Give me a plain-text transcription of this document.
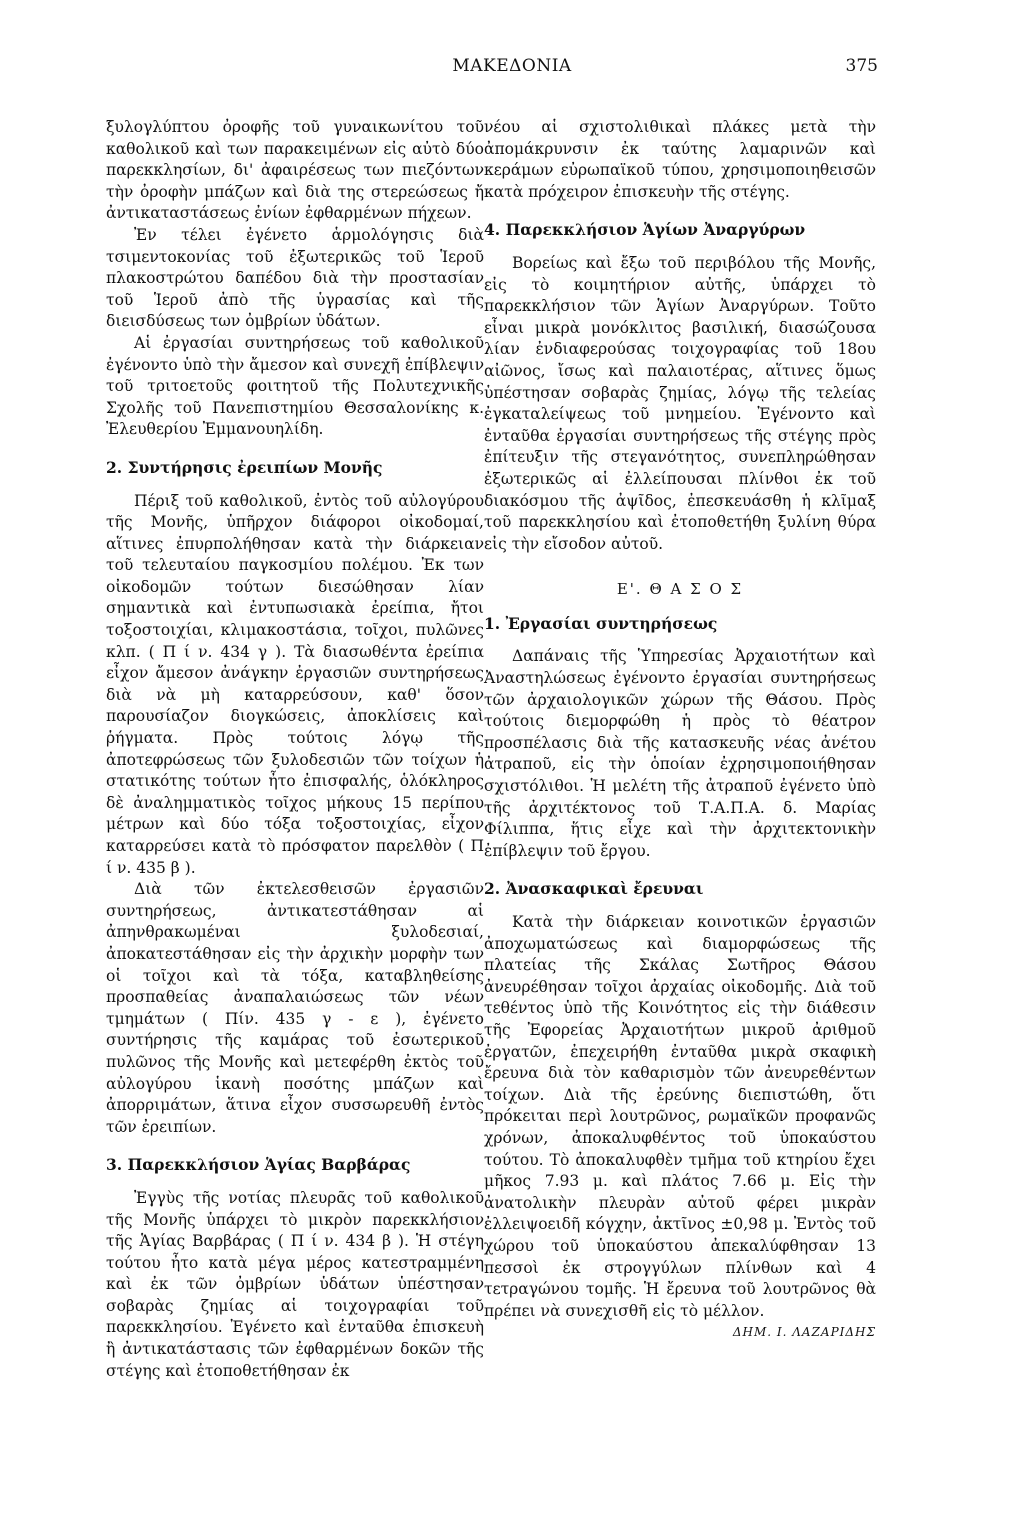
ΜΑΚΕΔΟΝΙΑ	375

ξυλογλύπτου ὀροφῆς τοῦ γυναικωνίτου τοῦ καθολικοῦ καὶ των παρακειμένων εἰς αὐτὸ δύο παρεκκλησίων, δι' ἀφαιρέσεως των πιεζόντων τὴν ὀροφὴν μπάζων καὶ διὰ της στερεώσεως ἤ ἀντικαταστάσεως ἐνίων ἐφθαρμένων πήχεων.

Ἐν τέλει ἐγένετο ἁρμολόγησις διὰ τσιμεντοκονίας τοῦ ἐξωτερικῶς τοῦ Ἱεροῦ πλακοστρώτου δαπέδου διὰ τὴν προστασίαν τοῦ Ἱεροῦ ἀπὸ τῆς ὑγρασίας καὶ τῆς διεισδύσεως των ὀμβρίων ὑδάτων.

Αἱ ἐργασίαι συντηρήσεως τοῦ καθολικοῦ ἐγένοντο ὑπὸ τὴν ἄμεσον καὶ συνεχῆ ἐπίβλεψιν τοῦ τριτοετοῦς φοιτητοῦ τῆς Πολυτεχνικῆς Σχολῆς τοῦ Πανεπιστημίου Θεσσαλονίκης κ. Ἐλευθερίου Ἐμμανουηλίδη.

2. Συντήρησις ἐρειπίων Μονῆς

Πέριξ τοῦ καθολικοῦ, ἐντὸς τοῦ αὐλογύρου τῆς Μονῆς, ὑπῆρχον διάφοροι οἰκοδομαί, αἵτινες ἐπυρπολήθησαν κατὰ τὴν διάρκειαν τοῦ τελευταίου παγκοσμίου πολέμου. Ἐκ των οἰκοδομῶν τούτων διεσώθησαν λίαν σημαντικὰ καὶ ἐντυπωσιακὰ ἐρείπια, ἤτοι τοξοστοιχίαι, κλιμακοστάσια, τοῖχοι, πυλῶνες κλπ. ( Π ί ν. 434 γ ). Τὰ διασωθέντα ἐρείπια εἶχον ἄμεσον ἀνάγκην ἐργασιῶν συντηρήσεως διὰ νὰ μὴ καταρρεύσουν, καθ' ὅσον παρουσίαζον διογκώσεις, ἀποκλίσεις καὶ ῥήγματα. Πρὸς τούτοις λόγῳ τῆς ἀποτεφρώσεως τῶν ξυλοδεσιῶν τῶν τοίχων ἡ στατικότης τούτων ἦτο ἐπισφαλής, ὁλόκληρος δὲ ἀναλημματικὸς τοῖχος μήκους 15 περίπου μέτρων καὶ δύο τόξα τοξοστοιχίας, εἶχον καταρρεύσει κατὰ τὸ πρόσφατον παρελθὸν ( Π ί ν. 435 β ).

Διὰ τῶν ἐκτελεσθεισῶν ἐργασιῶν συντηρήσεως, ἀντικατεστάθησαν αἱ ἀπηνθρακωμέναι ξυλοδεσιαί, ἀποκατεστάθησαν εἰς τὴν ἀρχικὴν μορφὴν των οἱ τοῖχοι καὶ τὰ τόξα, καταβληθείσης προσπαθείας ἀναπαλαιώσεως τῶν νέων τμημάτων ( Πίν. 435 γ - ε ), ἐγένετο συντήρησις τῆς καμάρας τοῦ ἐσωτερικοῦ πυλῶνος τῆς Μονῆς καὶ μετεφέρθη ἐκτὸς τοῦ αὐλογύρου ἱκανὴ ποσότης μπάζων καὶ ἀπορριμάτων, ἅτινα εἶχον συσσωρευθῆ ἐντὸς τῶν ἐρειπίων.

3. Παρεκκλήσιον Ἁγίας Βαρβάρας

Ἐγγὺς τῆς νοτίας πλευρᾶς τοῦ καθολικοῦ τῆς Μονῆς ὑπάρχει τὸ μικρὸν παρεκκλήσιον τῆς Ἁγίας Βαρβάρας ( Π ί ν. 434 β ). Ἡ στέγη τούτου ἦτο κατὰ μέγα μέρος κατεστραμμένη καὶ ἐκ τῶν ὀμβρίων ὑδάτων ὑπέστησαν σοβαρὰς ζημίας αἱ τοιχογραφίαι τοῦ παρεκκλησίου. Ἐγένετο καὶ ἐνταῦθα ἐπισκευὴ ἢ ἀντικατάστασις τῶν ἐφθαρμένων δοκῶν τῆς στέγης καὶ ἐτοποθετήθησαν ἐκ

νέου αἱ σχιστολιθικαὶ πλάκες μετὰ τὴν ἀπομάκρυνσιν ἐκ ταύτης λαμαρινῶν καὶ κεράμων εὐρωπαϊκοῦ τύπου, χρησιμοποιηθεισῶν κατὰ πρόχειρον ἐπισκευὴν τῆς στέγης.

4. Παρεκκλήσιον Ἁγίων Ἀναργύρων

Βορείως καὶ ἔξω τοῦ περιβόλου τῆς Μονῆς, εἰς τὸ κοιμητήριον αὐτῆς, ὑπάρχει τὸ παρεκκλήσιον τῶν Ἁγίων Ἀναργύρων. Τοῦτο εἶναι μικρὰ μονόκλιτος βασιλική, διασώζουσα λίαν ἐνδιαφερούσας τοιχογραφίας τοῦ 18ου αἰῶνος, ἴσως καὶ παλαιοτέρας, αἵτινες ὅμως ὑπέστησαν σοβαρὰς ζημίας, λόγῳ τῆς τελείας ἐγκαταλείψεως τοῦ μνημείου. Ἐγένοντο καὶ ἐνταῦθα ἐργασίαι συντηρήσεως τῆς στέγης πρὸς ἐπίτευξιν τῆς στεγανότητος, συνεπληρώθησαν ἐξωτερικῶς αἱ ἐλλείπουσαι πλίνθοι ἐκ τοῦ διακόσμου τῆς ἀψῖδος, ἐπεσκευάσθη ἡ κλῖμαξ τοῦ παρεκκλησίου καὶ ἐτοποθετήθη ξυλίνη θύρα εἰς τὴν εἴσοδον αὐτοῦ.

Ε'. Θ Α Σ Ο Σ

1. Ἐργασίαι συντηρήσεως

Δαπάναις τῆς Ὑπηρεσίας Ἀρχαιοτήτων καὶ Ἀναστηλώσεως ἐγένοντο ἐργασίαι συντηρήσεως τῶν ἀρχαιολογικῶν χώρων τῆς Θάσου. Πρὸς τούτοις διεμορφώθη ἡ πρὸς τὸ θέατρον προσπέλασις διὰ τῆς κατασκευῆς νέας ἀνέτου ἀτραποῦ, εἰς τὴν ὁποίαν ἐχρησιμοποιήθησαν σχιστόλιθοι. Ἡ μελέτη τῆς ἀτραποῦ ἐγένετο ὑπὸ τῆς ἀρχιτέκτονος τοῦ Τ.Α.Π.Α. δ. Μαρίας Φίλιππα, ἥτις εἶχε καὶ τὴν ἀρχιτεκτονικὴν ἐπίβλεψιν τοῦ ἔργου.

2. Ἀνασκαφικαὶ ἔρευναι

Κατὰ τὴν διάρκειαν κοινοτικῶν ἐργασιῶν ἀποχωματώσεως καὶ διαμορφώσεως τῆς πλατείας τῆς Σκάλας Σωτῆρος Θάσου ἀνευρέθησαν τοῖχοι ἀρχαίας οἰκοδομῆς. Διὰ τοῦ τεθέντος ὑπὸ τῆς Κοινότητος εἰς τὴν διάθεσιν τῆς Ἐφορείας Ἀρχαιοτήτων μικροῦ ἀριθμοῦ ἐργατῶν, ἐπεχειρήθη ἐνταῦθα μικρὰ σκαφικὴ ἔρευνα διὰ τὸν καθαρισμὸν τῶν ἀνευρεθέντων τοίχων. Διὰ τῆς ἐρεύνης διεπιστώθη, ὅτι πρόκειται περὶ λουτρῶνος, ρωμαϊκῶν προφανῶς χρόνων, ἀποκαλυφθέντος τοῦ ὑποκαύστου τούτου. Τὸ ἀποκαλυφθὲν τμῆμα τοῦ κτηρίου ἔχει μῆκος 7.93 μ. καὶ πλάτος 7.66 μ. Εἰς τὴν ἀνατολικὴν πλευρὰν αὐτοῦ φέρει μικρὰν ἐλλειψοειδῆ κόγχην, ἀκτῖνος ±0,98 μ. Ἐντὸς τοῦ χώρου τοῦ ὑποκαύστου ἀπεκαλύφθησαν 13 πεσσοὶ ἐκ στρογγύλων πλίνθων καὶ 4 τετραγώνου τομῆς. Ἡ ἔρευνα τοῦ λουτρῶνος θὰ πρέπει νὰ συνεχισθῆ εἰς τὸ μέλλον.

ΔΗΜ. Ι. ΛΑΖΑΡΙΔΗΣ
